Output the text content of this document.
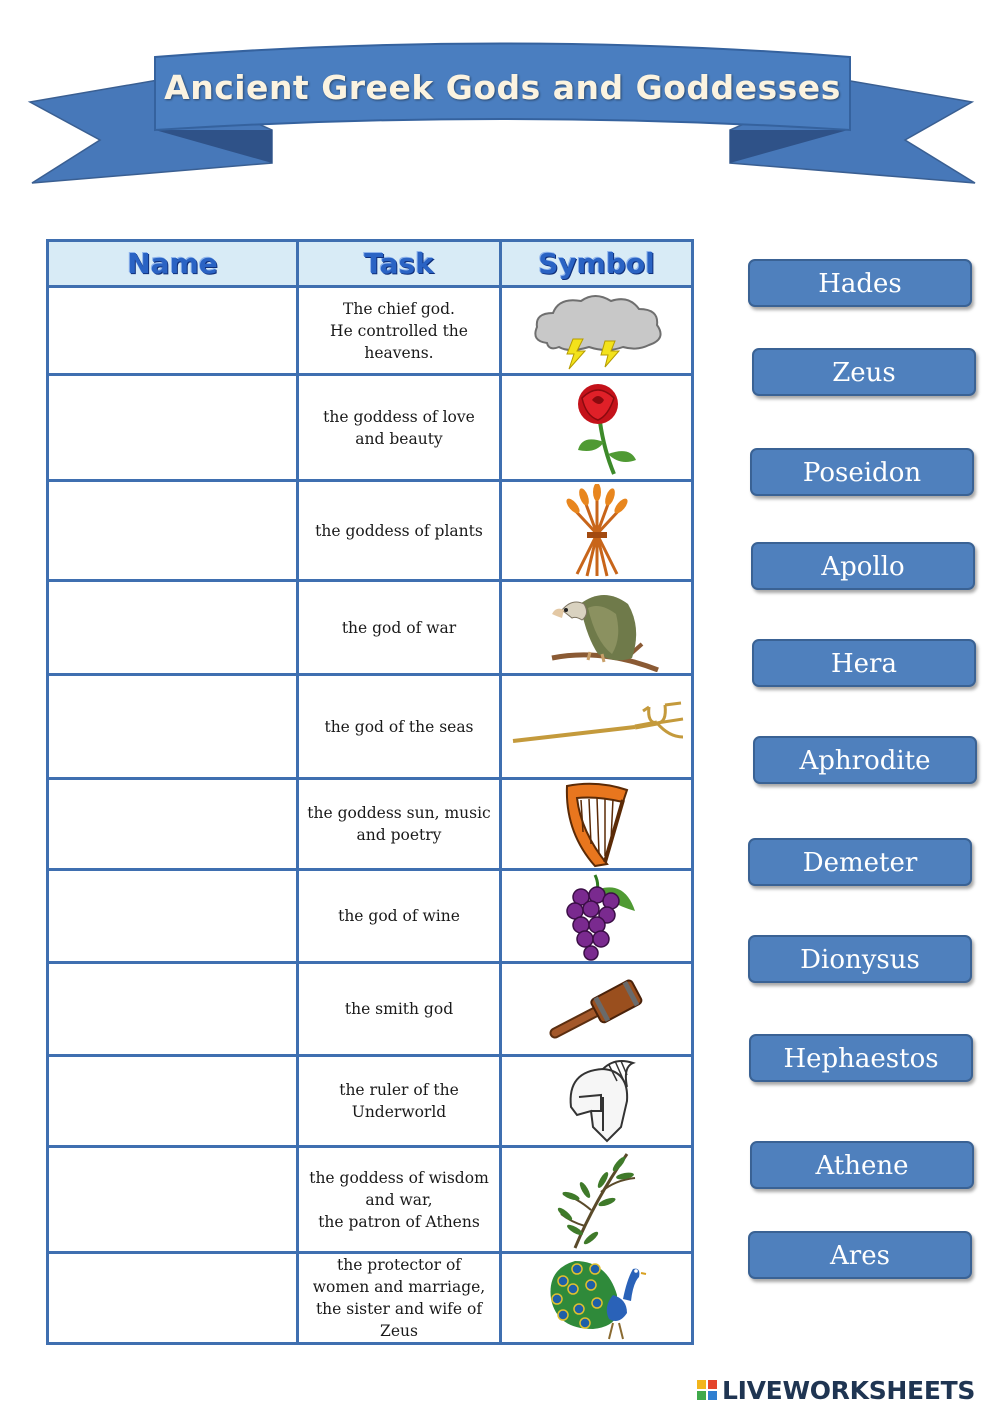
Ancient Greek Gods and Goddesses
Name	Task	Symbol
	The chief god.
He controlled the
heavens.	

	the goddess of love
and beauty	

	the goddess of plants	

	the god of war	

	the god of the seas	

	the goddess sun, music
and poetry	

	the god of wine	

	the smith god	

	the ruler of the
Underworld	

	the goddess of wisdom
and war,
the patron of Athens	

	the protector of
women and marriage,
the sister and wife of
Zeus	
Hades
Zeus
Poseidon
Apollo
Hera
Aphrodite
Demeter
Dionysus
Hephaestos
Athene
Ares
LIVEWORKSHEETS
